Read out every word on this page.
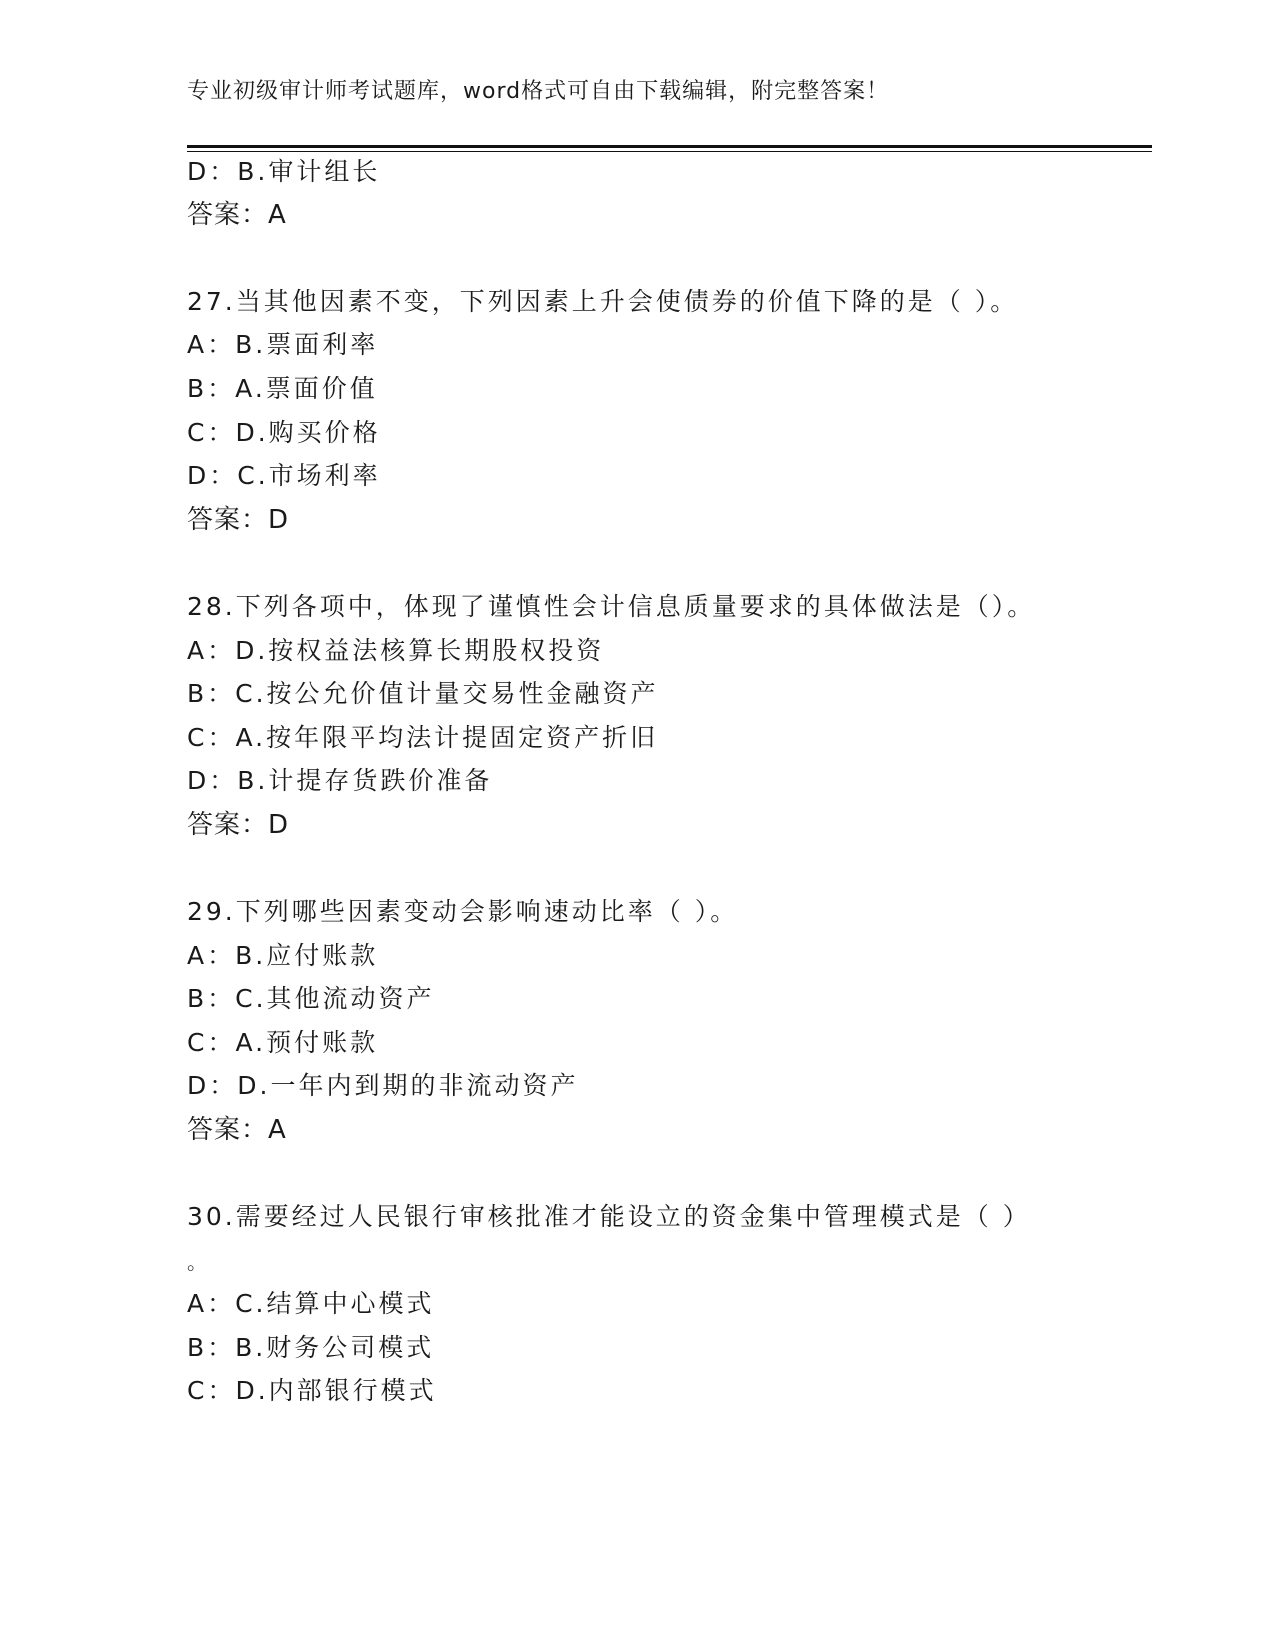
专业初级审计师考试题库，word格式可自由下载编辑，附完整答案！
D：B.审计组长
答案：A
27.当其他因素不变，下列因素上升会使债券的价值下降的是（ ）。
A：B.票面利率
B：A.票面价值
C：D.购买价格
D：C.市场利率
答案：D
28.下列各项中，体现了谨慎性会计信息质量要求的具体做法是（）。
A：D.按权益法核算长期股权投资
B：C.按公允价值计量交易性金融资产
C：A.按年限平均法计提固定资产折旧
D：B.计提存货跌价准备
答案：D
29.下列哪些因素变动会影响速动比率（ ）。
A：B.应付账款
B：C.其他流动资产
C：A.预付账款
D：D.一年内到期的非流动资产
答案：A
30.需要经过人民银行审核批准才能设立的资金集中管理模式是（ ）
。
A：C.结算中心模式
B：B.财务公司模式
C：D.内部银行模式
